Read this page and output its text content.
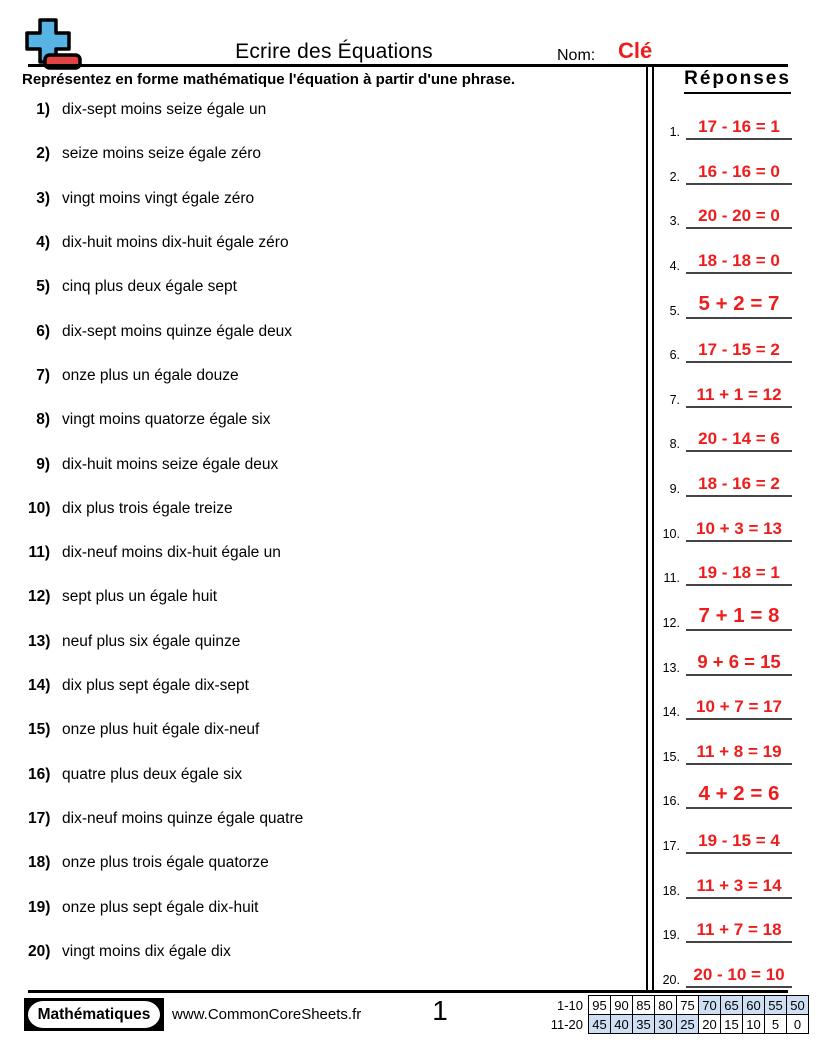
Ecrire des Équations	Nom: Clé
Représentez en forme mathématique l'équation à partir d'une phrase.
1) dix-sept moins seize égale un
2) seize moins seize égale zéro
3) vingt moins vingt égale zéro
4) dix-huit moins dix-huit égale zéro
5) cinq plus deux égale sept
6) dix-sept moins quinze égale deux
7) onze plus un égale douze
8) vingt moins quatorze égale six
9) dix-huit moins seize égale deux
10) dix plus trois égale treize
11) dix-neuf moins dix-huit égale un
12) sept plus un égale huit
13) neuf plus six égale quinze
14) dix plus sept égale dix-sept
15) onze plus huit égale dix-neuf
16) quatre plus deux égale six
17) dix-neuf moins quinze égale quatre
18) onze plus trois égale quatorze
19) onze plus sept égale dix-huit
20) vingt moins dix égale dix
Réponses
1.	17 - 16 = 1
2.	16 - 16 = 0
3.	20 - 20 = 0
4.	18 - 18 = 0
5. 5 + 2 = 7
6.	17 - 15 = 2
7. 11 + 1 = 12
8.	20 - 14 = 6
9.	18 - 16 = 2
10. 10 + 3 = 13
11.	19 - 18 = 1
12. 7 + 1 = 8
13. 9 + 6 = 15
14. 10 + 7 = 17
15. 11 + 8 = 19
16. 4 + 2 = 6
17.	19 - 15 = 4
18. 11 + 3 = 14
19. 11 + 7 = 18
20. 20 - 10 = 10
Mathématiques www.CommonCoreSheets.fr	1	1-10	95	90	85	80	75	70	65	60	55	50
11-20	45	40	35	30	25	20	15	10	5	0
